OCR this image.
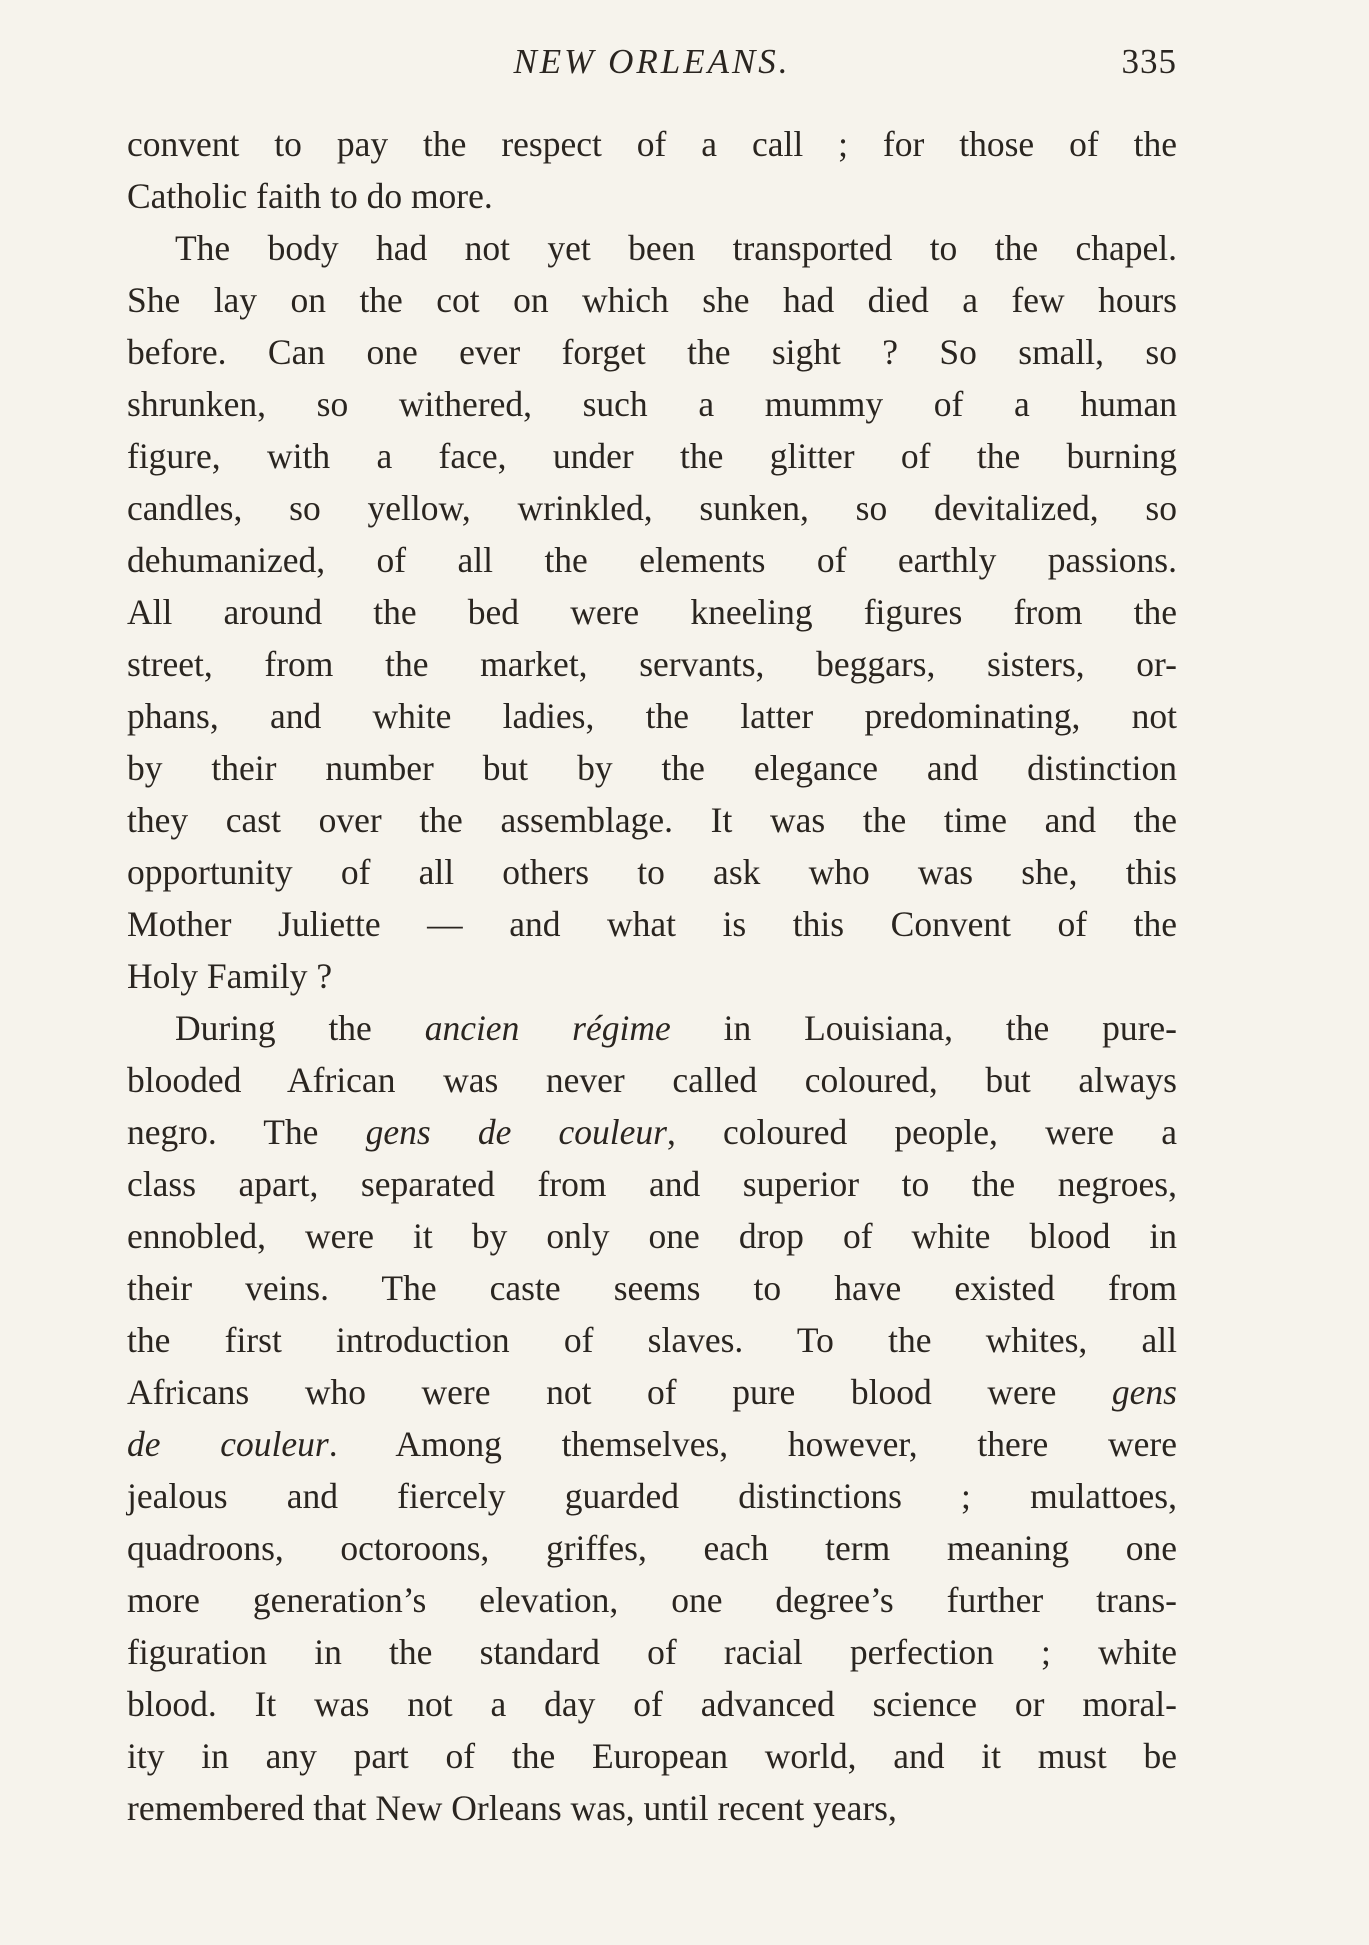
NEW ORLEANS.	335
convent to pay the respect of a call ; for those of the
Catholic faith to do more.
The body had not yet been transported to the chapel.
She lay on the cot on which she had died a few hours
before. Can one ever forget the sight ? So small, so
shrunken, so withered, such a mummy of a human
figure, with a face, under the glitter of the burning
candles, so yellow, wrinkled, sunken, so devitalized, so
dehumanized, of all the elements of earthly passions.
All around the bed were kneeling figures from the
street, from the market, servants, beggars, sisters, or-
phans, and white ladies, the latter predominating, not
by their number but by the elegance and distinction
they cast over the assemblage. It was the time and the
opportunity of all others to ask who was she, this
Mother Juliette — and what is this Convent of the
Holy Family ?
During the ancien régime in Louisiana, the pure-
blooded African was never called coloured, but always
negro. The gens de couleur, coloured people, were a
class apart, separated from and superior to the negroes,
ennobled, were it by only one drop of white blood in
their veins. The caste seems to have existed from
the first introduction of slaves. To the whites, all
Africans who were not of pure blood were gens
de couleur. Among themselves, however, there were
jealous and fiercely guarded distinctions ; mulattoes,
quadroons, octoroons, griffes, each term meaning one
more generation’s elevation, one degree’s further trans-
figuration in the standard of racial perfection ; white
blood. It was not a day of advanced science or moral-
ity in any part of the European world, and it must be
remembered that New Orleans was, until recent years,
